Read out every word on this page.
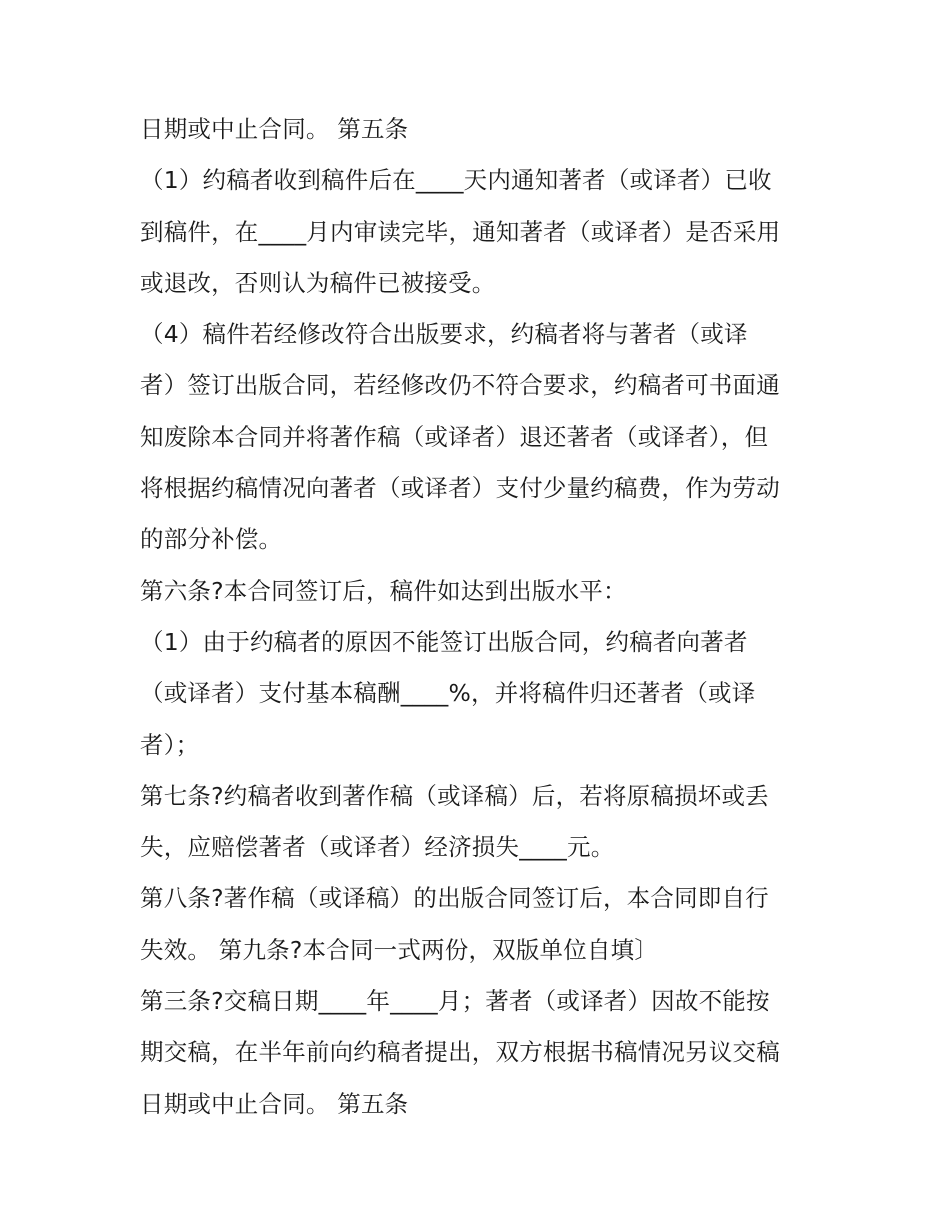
日期或中止合同。 第五条
（1）约稿者收到稿件后在____天内通知著者（或译者）已收
到稿件，在____月内审读完毕，通知著者（或译者）是否采用
或退改，否则认为稿件已被接受。
（4）稿件若经修改符合出版要求，约稿者将与著者（或译
者）签订出版合同，若经修改仍不符合要求，约稿者可书面通
知废除本合同并将著作稿（或译者）退还著者（或译者），但
将根据约稿情况向著者（或译者）支付少量约稿费，作为劳动
的部分补偿。
第六条?本合同签订后，稿件如达到出版水平：
（1）由于约稿者的原因不能签订出版合同，约稿者向著者
（或译者）支付基本稿酬____%，并将稿件归还著者（或译
者）；
第七条?约稿者收到著作稿（或译稿）后，若将原稿损坏或丢
失，应赔偿著者（或译者）经济损失____元。
第八条?著作稿（或译稿）的出版合同签订后，本合同即自行
失效。 第九条?本合同一式两份，双版单位自填〕
第三条?交稿日期____年____月；著者（或译者）因故不能按
期交稿，在半年前向约稿者提出，双方根据书稿情况另议交稿
日期或中止合同。 第五条
